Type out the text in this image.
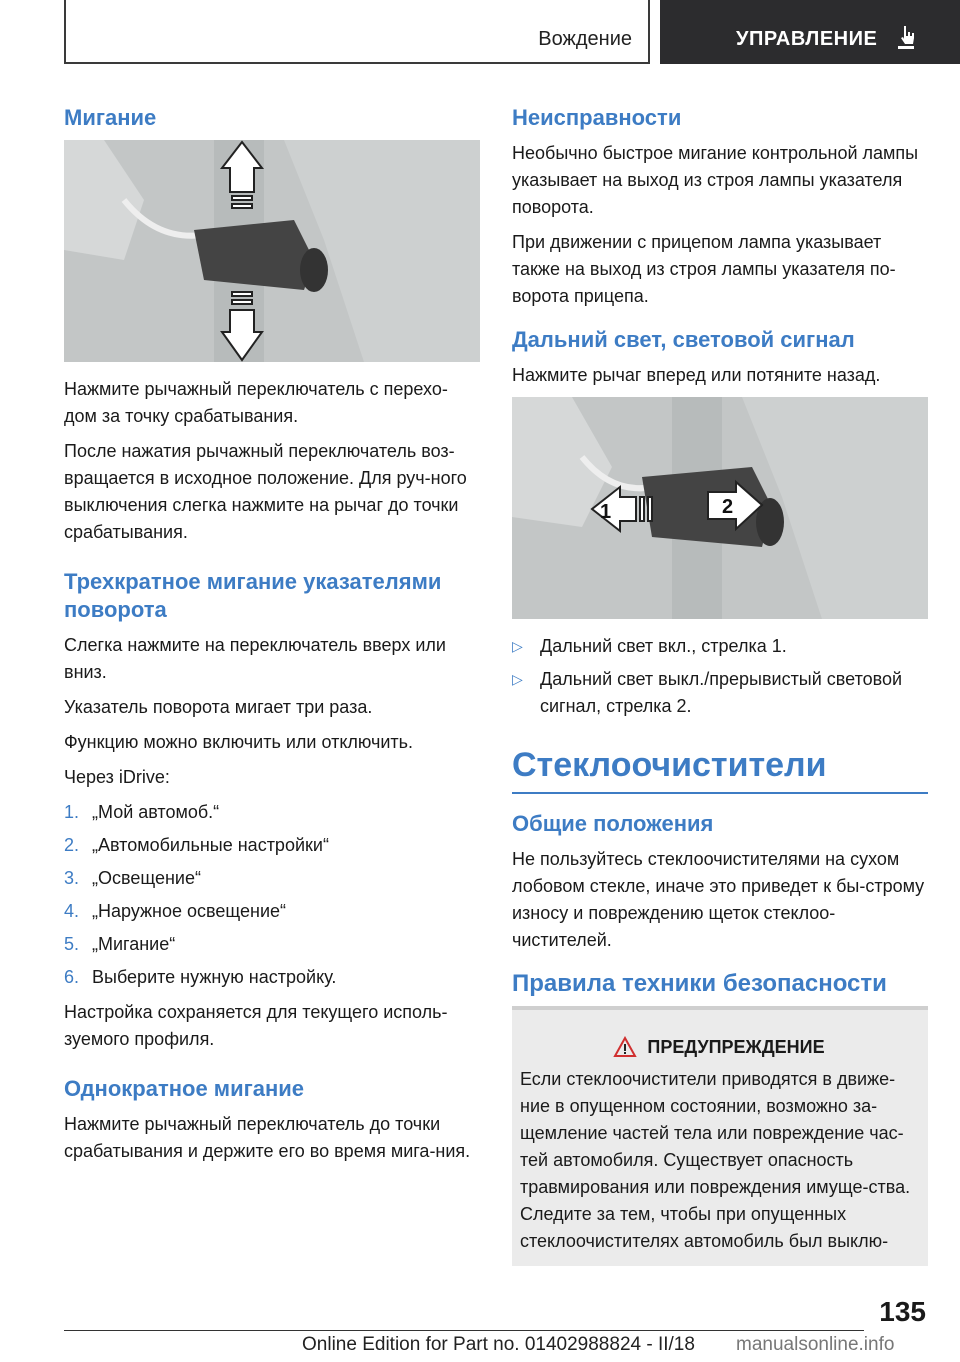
Вождение	УПРАВЛЕНИЕ
Мигание

Нажмите рычажный переключатель с перехо-дом за точку срабатывания.

После нажатия рычажный переключатель воз-вращается в исходное положение. Для руч-ного выключения слегка нажмите на рычаг до точки срабатывания.

Трехкратное мигание указателями поворота

Слегка нажмите на переключатель вверх или вниз.

Указатель поворота мигает три раза.

Функцию можно включить или отключить.

Через iDrive:

1. „Мой автомоб.“
2. „Автомобильные настройки“
3. „Освещение“
4. „Наружное освещение“
5. „Мигание“
6. Выберите нужную настройку.

Настройка сохраняется для текущего исполь-зуемого профиля.

Однократное мигание

Нажмите рычажный переключатель до точки срабатывания и держите его во время мига-ния.

Неисправности

Необычно быстрое мигание контрольной лампы указывает на выход из строя лампы указателя поворота.

При движении с прицепом лампа указывает также на выход из строя лампы указателя по-ворота прицепа.

Дальний свет, световой сигнал

Нажмите рычаг вперед или потяните назад.

1	2
▷ Дальний свет вкл., стрелка 1.
▷ Дальний свет выкл./прерывистый световой сигнал, стрелка 2.
Стеклоочистители
Общие положения

Не пользуйтесь стеклоочистителями на сухом лобовом стекле, иначе это приведет к бы-строму износу и повреждению щеток стеклоо-чистителей.

Правила техники безопасности
ПРЕДУПРЕЖДЕНИЕ

Если стеклоочистители приводятся в движе-ние в опущенном состоянии, возможно за-щемление частей тела или повреждение час-тей автомобиля. Существует опасность травмирования или повреждения имуще-ства. Следите за тем, чтобы при опущенных стеклоочистителях автомобиль был выклю-

135
Online Edition for Part no. 01402988824 - II/18 manualsonline.info
